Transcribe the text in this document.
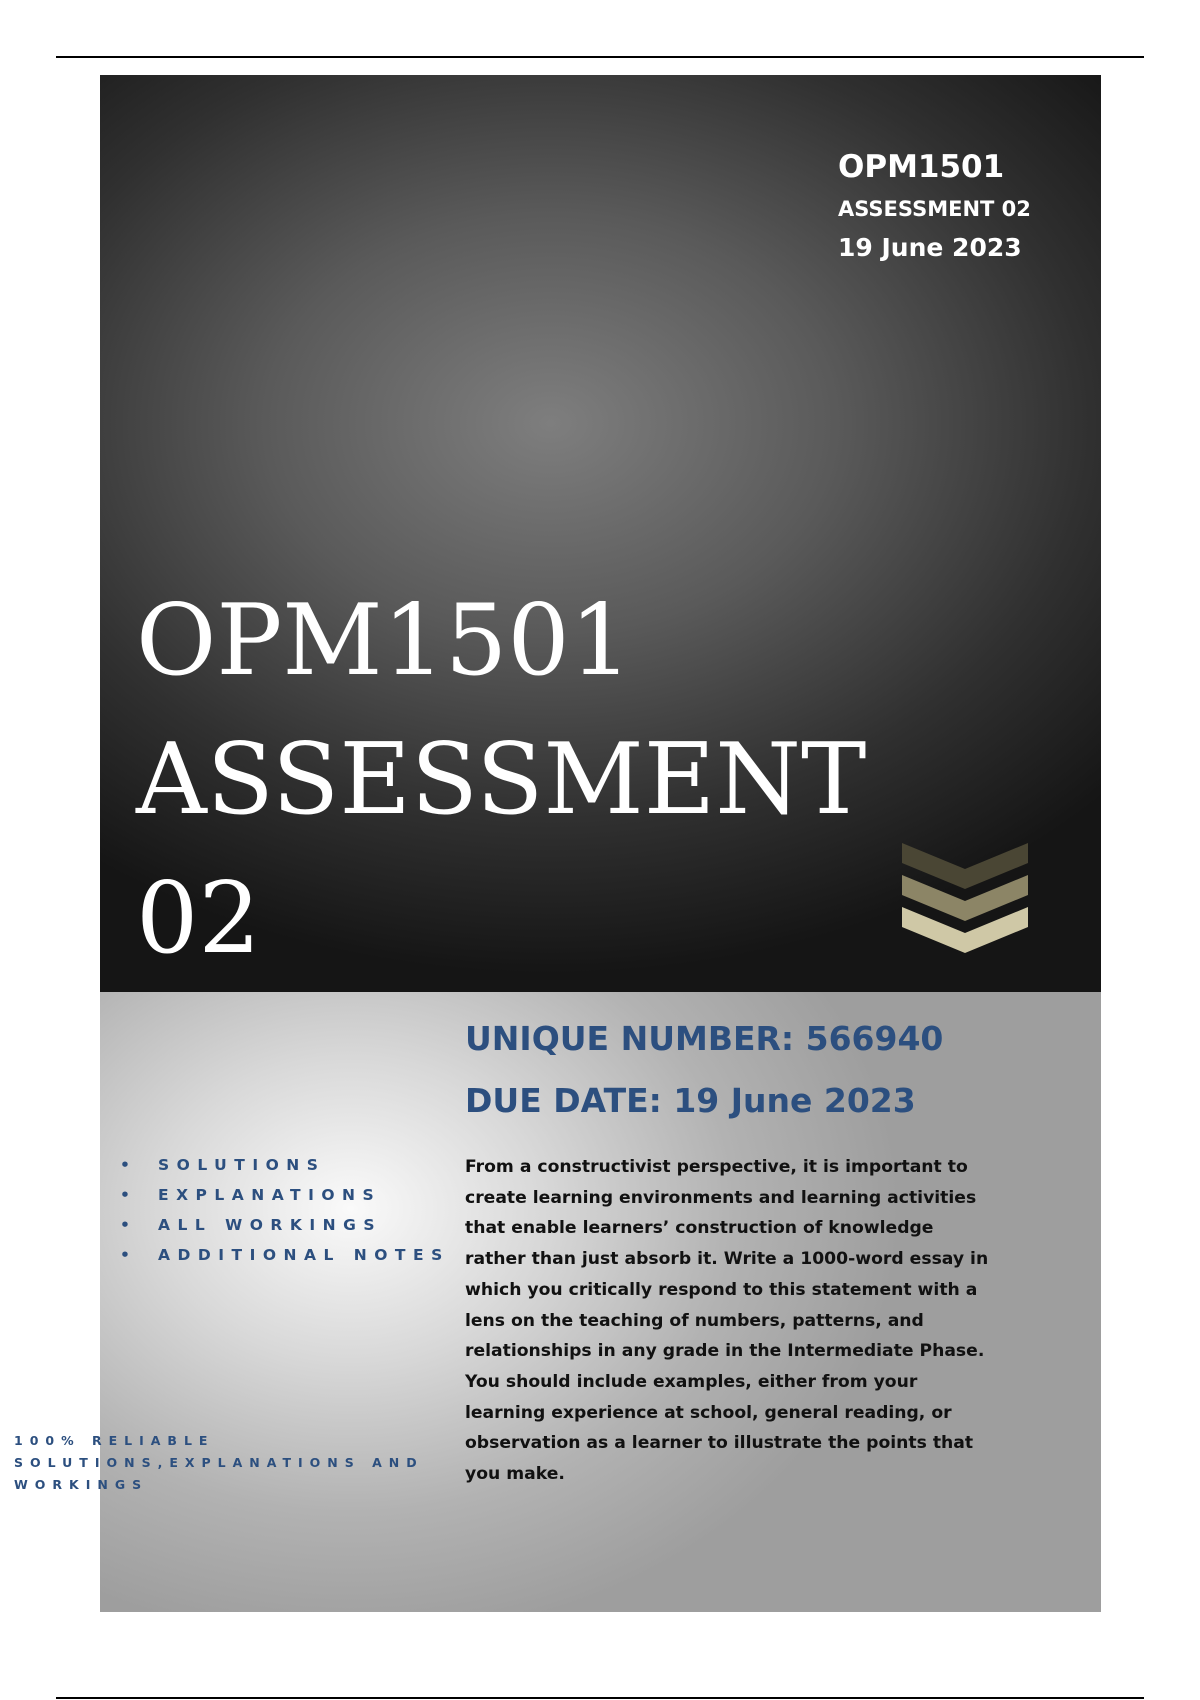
OPM1501
ASSESSMENT 02
19 June 2023
OPM1501
ASSESSMENT
02
UNIQUE NUMBER: 566940
DUE DATE: 19 June 2023

From a constructivist perspective, it is important to create learning environments and learning activities that enable learners’ construction of knowledge rather than just absorb it. Write a 1000-word essay in which you critically respond to this statement with a lens on the teaching of numbers, patterns, and relationships in any grade in the Intermediate Phase. You should include examples, either from your learning experience at school, general reading, or observation as a learner to illustrate the points that you make.

• SOLUTIONS
• EXPLANATIONS
• ALL WORKINGS
• ADDITIONAL NOTES

100% RELIABLE SOLUTIONS,EXPLANATIONS AND WORKINGS
